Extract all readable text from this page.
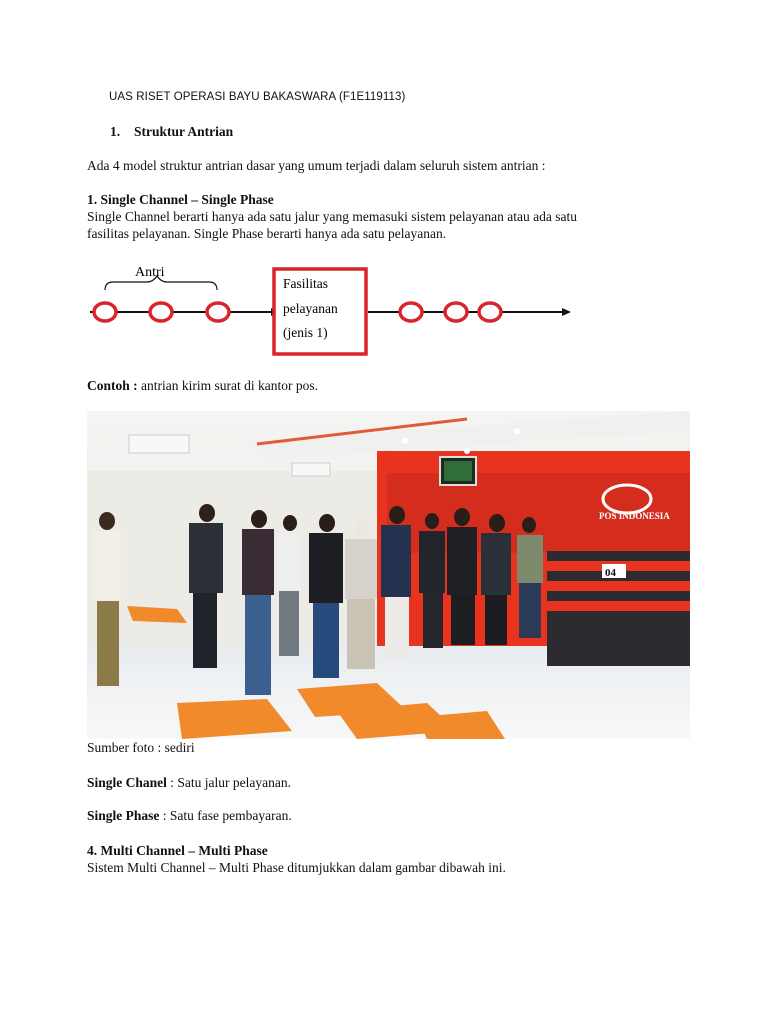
UAS RISET OPERASI BAYU BAKASWARA (F1E119113)
1. Struktur Antrian

Ada 4 model struktur antrian dasar yang umum terjadi dalam seluruh sistem antrian :

1. Single Channel – Single Phase

Single Channel berarti hanya ada satu jalur yang memasuki sistem pelayanan atau ada satu

fasilitas pelayanan. Single Phase berarti hanya ada satu pelayanan.

Antri
Fasilitas
pelayanan
(jenis 1)

Contoh : antrian kirim surat di kantor pos.

POS INDONESIA
04

Sumber foto : sediri

Single Chanel : Satu jalur pelayanan.

Single Phase : Satu fase pembayaran.

4. Multi Channel – Multi Phase

Sistem Multi Channel – Multi Phase ditumjukkan dalam gambar dibawah ini.
